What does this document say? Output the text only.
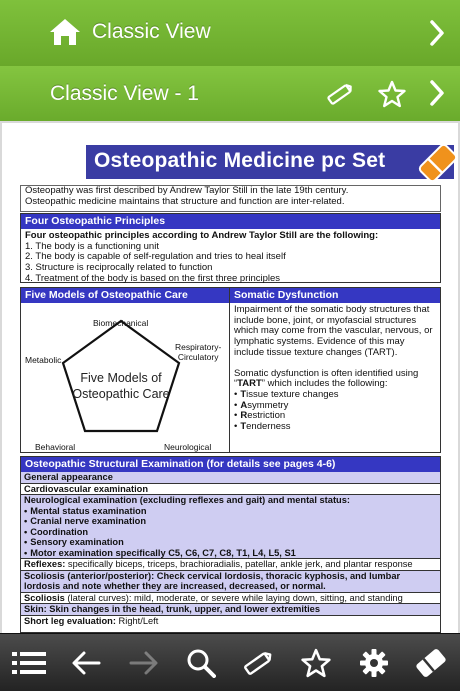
Classic View
Classic View - 1
Osteopathic Medicine pc Set
Osteopathy was first described by Andrew Taylor Still in the late 19th century.
Osteopathic medicine maintains that structure and function are inter-related.
Four Osteopathic Principles
Four osteopathic principles according to Andrew Taylor Still are the following:
1. The body is a functioning unit
2. The body is capable of self-regulation and tries to heal itself
3. Structure is reciprocally related to function
4. Treatment of the body is based on the first three principles
Five Models of Osteopathic Care
Biomechanical
Respiratory-
Circulatory
Metabolic
Behavioral	Neurological
Five Models of
Osteopathic Care
Somatic Dysfunction
Impairment of the somatic body structures that include bone, joint, or myofascial structures which may come from the vascular, nervous, or lymphatic systems. Evidence of this may include tissue texture changes (TART).
Somatic dysfunction is often identified using “TART” which includes the following:
• Tissue texture changes
• Asymmetry
• Restriction
• Tenderness
Osteopathic Structural Examination (for details see pages 4-6)
General appearance
Cardiovascular examination
Neurological examination (excluding reflexes and gait) and mental status:
• Mental status examination
• Cranial nerve examination
• Coordination
• Sensory examination
• Motor examination specifically C5, C6, C7, C8, T1, L4, L5, S1
Reflexes: specifically biceps, triceps, brachioradialis, patellar, ankle jerk, and plantar response
Scoliosis (anterior/posterior): Check cervical lordosis, thoracic kyphosis, and lumbar lordosis and note whether they are increased, decreased, or normal.
Scoliosis (lateral curves): mild, moderate, or severe while laying down, sitting, and standing
Skin: Skin changes in the head, trunk, upper, and lower extremities
Short leg evaluation: Right/Left
